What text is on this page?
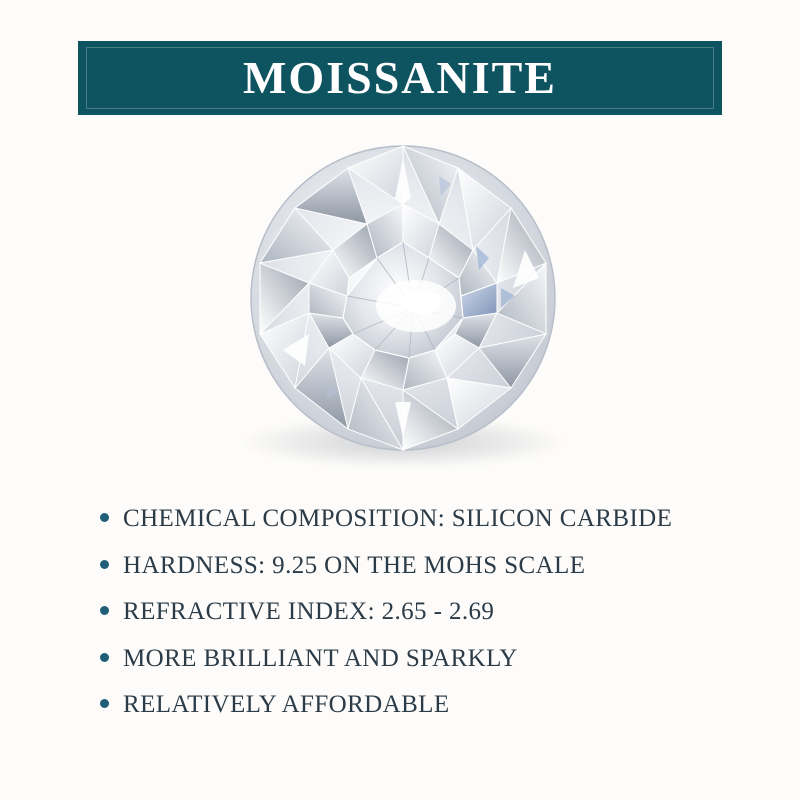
MOISSANITE
CHEMICAL COMPOSITION: SILICON CARBIDE
HARDNESS: 9.25 ON THE MOHS SCALE
REFRACTIVE INDEX: 2.65 - 2.69
MORE BRILLIANT AND SPARKLY
RELATIVELY AFFORDABLE
